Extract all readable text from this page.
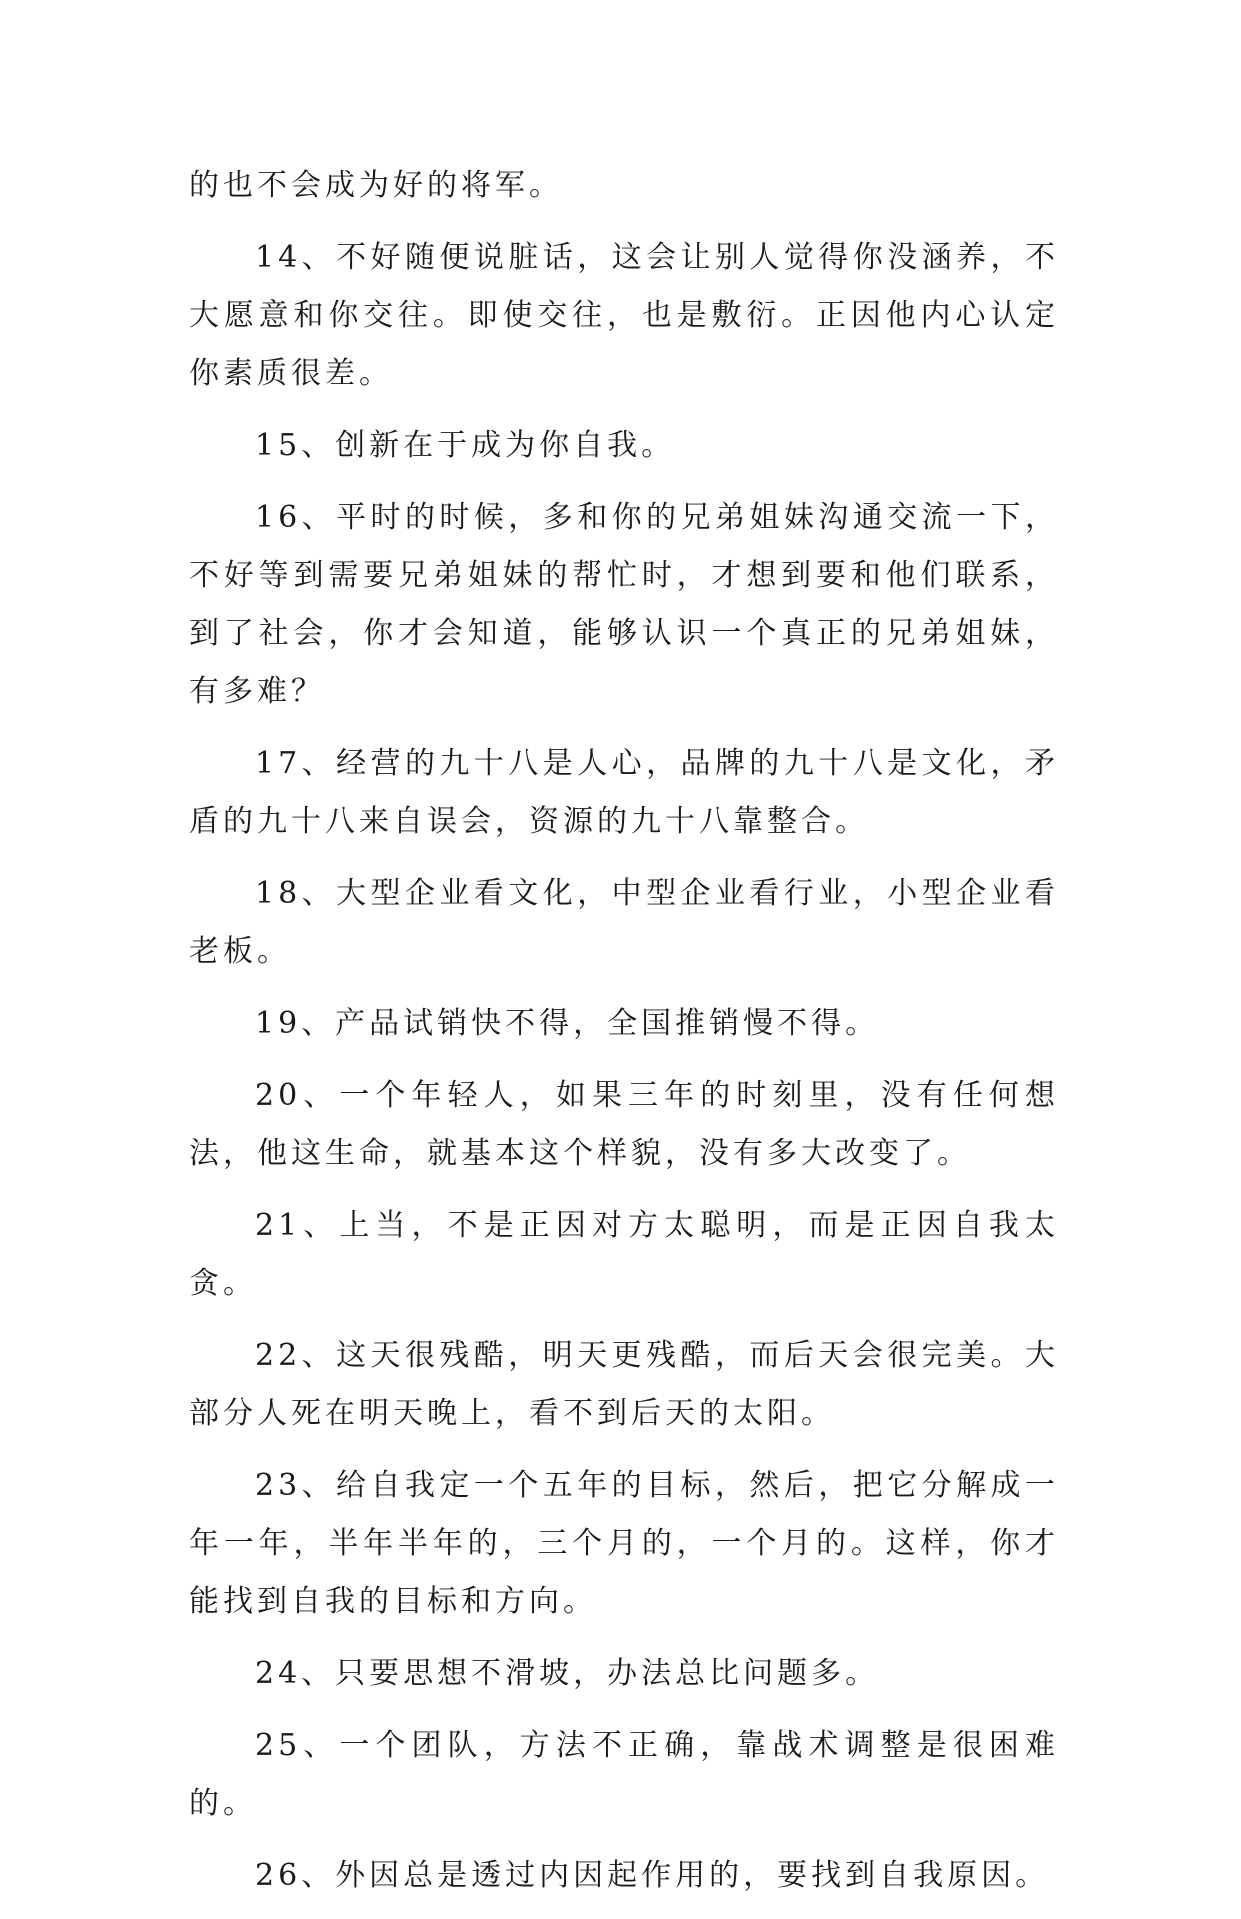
的也不会成为好的将军。

14、不好随便说脏话，这会让别人觉得你没涵养，不大愿意和你交往。即使交往，也是敷衍。正因他内心认定你素质很差。

15、创新在于成为你自我。

16、平时的时候，多和你的兄弟姐妹沟通交流一下，不好等到需要兄弟姐妹的帮忙时，才想到要和他们联系，到了社会，你才会知道，能够认识一个真正的兄弟姐妹，有多难？

17、经营的九十八是人心，品牌的九十八是文化，矛盾的九十八来自误会，资源的九十八靠整合。

18、大型企业看文化，中型企业看行业，小型企业看老板。

19、产品试销快不得，全国推销慢不得。

20、一个年轻人，如果三年的时刻里，没有任何想法，他这生命，就基本这个样貌，没有多大改变了。

21、上当，不是正因对方太聪明，而是正因自我太贪。

22、这天很残酷，明天更残酷，而后天会很完美。大部分人死在明天晚上，看不到后天的太阳。

23、给自我定一个五年的目标，然后，把它分解成一年一年，半年半年的，三个月的，一个月的。这样，你才能找到自我的目标和方向。

24、只要思想不滑坡，办法总比问题多。

25、一个团队，方法不正确，靠战术调整是很困难的。

26、外因总是透过内因起作用的，要找到自我原因。
